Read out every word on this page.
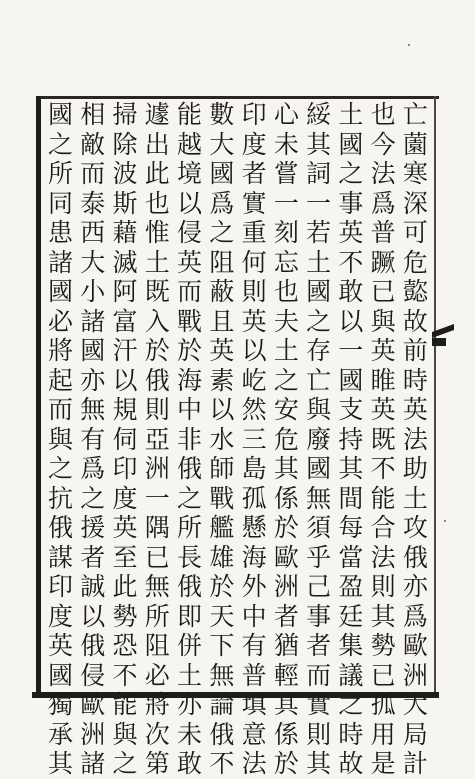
亡
薗
寒
深
可
危
㦤
故
前
時
英
法
助
土
攻
俄
亦
爲
歐
洲
大
局
計
也
今
法
爲
普
蹶
已
與
英
睢
英
既
不
能
合
法
則
其
勢
已
孤
用
是
土
國
之
事
英
不
敢
以
一
國
支
持
其
間
每
當
盈
廷
集
議
之
時
故
綏
其
詞
一
若
土
國
之
存
亡
與
廢
國
無
須
乎
己
事
者
而
實
則
其
心
未
嘗
一
刻
忘
也
夫
土
之
安
危
其
係
於
歐
洲
者
猶
輕
其
係
於
印
度
者
實
重
何
則
英
以
屹
然
三
島
孤
懸
海
外
中
有
普
填
意
法
數
大
國
爲
之
阻
蔽
且
英
素
以
水
師
戰
艦
雄
於
天
下
無
論
俄
不
能
越
境
以
侵
英
而
戰
於
海
中
非
俄
之
所
長
俄
即
併
土
亦
未
敢
遽
出
此
也
惟
土
既
入
於
俄
則
亞
洲
一
隅
已
無
所
阻
必
將
次
第
掃
除
波
斯
藉
滅
阿
富
汗
以
規
伺
印
度
英
至
此
勢
恐
不
能
與
之
相
敵
而
泰
西
大
小
諸
國
亦
無
有
爲
之
援
者
誠
以
俄
侵
歐
洲
諸
國
之
所
同
患
諸
國
必
將
起
而
與
之
抗
俄
謀
印
度
英
國
獨
承
其
